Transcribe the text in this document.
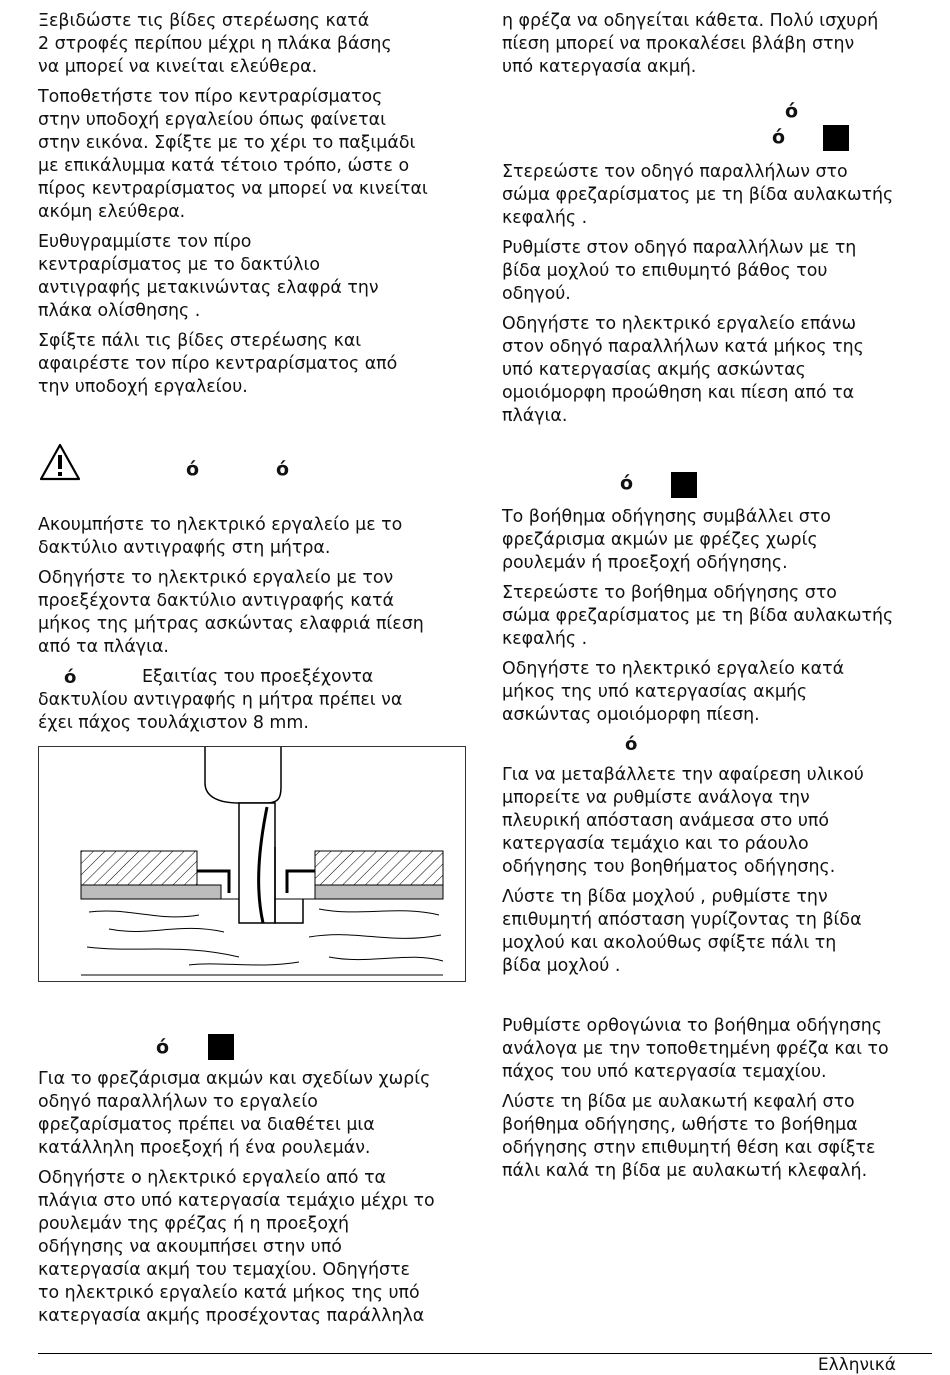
Ξεβιδώστε τις βίδες στερέωσης κατά
2 στροφές περίπου μέχρι η πλάκα βάσης
να μπορεί να κινείται ελεύθερα.
Τοποθετήστε τον πίρο κεντραρίσματος
στην υποδοχή εργαλείου όπως φαίνεται
στην εικόνα. Σφίξτε με το χέρι το παξιμάδι
με επικάλυμμα κατά τέτοιο τρόπο, ώστε ο
πίρος κεντραρίσματος να μπορεί να κινείται
ακόμη ελεύθερα.
Ευθυγραμμίστε τον πίρο
κεντραρίσματος με το δακτύλιο
αντιγραφής μετακινώντας ελαφρά την
πλάκα ολίσθησης .
Σφίξτε πάλι τις βίδες στερέωσης και
αφαιρέστε τον πίρο κεντραρίσματος από
την υποδοχή εργαλείου.
ό	ό
Ακουμπήστε το ηλεκτρικό εργαλείο με το
δακτύλιο αντιγραφής στη μήτρα.
Οδηγήστε το ηλεκτρικό εργαλείο με τον
προεξέχοντα δακτύλιο αντιγραφής κατά
μήκος της μήτρας ασκώντας ελαφριά πίεση
από τα πλάγια.
ό	Εξαιτίας του προεξέχοντα
δακτυλίου αντιγραφής η μήτρα πρέπει να
έχει πάχος τουλάχιστον 8 mm.
ό
Για το φρεζάρισμα ακμών και σχεδίων χωρίς
οδηγό παραλλήλων το εργαλείο
φρεζαρίσματος πρέπει να διαθέτει μια
κατάλληλη προεξοχή ή ένα ρουλεμάν.
Οδηγήστε ο ηλεκτρικό εργαλείο από τα
πλάγια στο υπό κατεργασία τεμάχιο μέχρι το
ρουλεμάν της φρέζας ή η προεξοχή
οδήγησης να ακουμπήσει στην υπό
κατεργασία ακμή του τεμαχίου. Οδηγήστε
το ηλεκτρικό εργαλείο κατά μήκος της υπό
κατεργασία ακμής προσέχοντας παράλληλα
η φρέζα να οδηγείται κάθετα. Πολύ ισχυρή
πίεση μπορεί να προκαλέσει βλάβη στην
υπό κατεργασία ακμή.
ό
ό
Στερεώστε τον οδηγό παραλλήλων στο
σώμα φρεζαρίσματος με τη βίδα αυλακωτής
κεφαλής .
Ρυθμίστε στον οδηγό παραλλήλων με τη
βίδα μοχλού το επιθυμητό βάθος του
οδηγού.
Οδηγήστε το ηλεκτρικό εργαλείο επάνω
στον οδηγό παραλλήλων κατά μήκος της
υπό κατεργασίας ακμής ασκώντας
ομοιόμορφη προώθηση και πίεση από τα
πλάγια.
ό
Το βοήθημα οδήγησης συμβάλλει στο
φρεζάρισμα ακμών με φρέζες χωρίς
ρουλεμάν ή προεξοχή οδήγησης.
Στερεώστε το βοήθημα οδήγησης στο
σώμα φρεζαρίσματος με τη βίδα αυλακωτής
κεφαλής .
Οδηγήστε το ηλεκτρικό εργαλείο κατά
μήκος της υπό κατεργασίας ακμής
ασκώντας ομοιόμορφη πίεση.
ό
Για να μεταβάλλετε την αφαίρεση υλικού
μπορείτε να ρυθμίστε ανάλογα την
πλευρική απόσταση ανάμεσα στο υπό
κατεργασία τεμάχιο και το ράουλο
οδήγησης του βοηθήματος οδήγησης.
Λύστε τη βίδα μοχλού , ρυθμίστε την
επιθυμητή απόσταση γυρίζοντας τη βίδα
μοχλού και ακολούθως σφίξτε πάλι τη
βίδα μοχλού .
Ρυθμίστε ορθογώνια το βοήθημα οδήγησης
ανάλογα με την τοποθετημένη φρέζα και το
πάχος του υπό κατεργασία τεμαχίου.
Λύστε τη βίδα με αυλακωτή κεφαλή στο
βοήθημα οδήγησης, ωθήστε το βοήθημα
οδήγησης στην επιθυμητή θέση και σφίξτε
πάλι καλά τη βίδα με αυλακωτή κλεφαλή.
Ελληνικά
